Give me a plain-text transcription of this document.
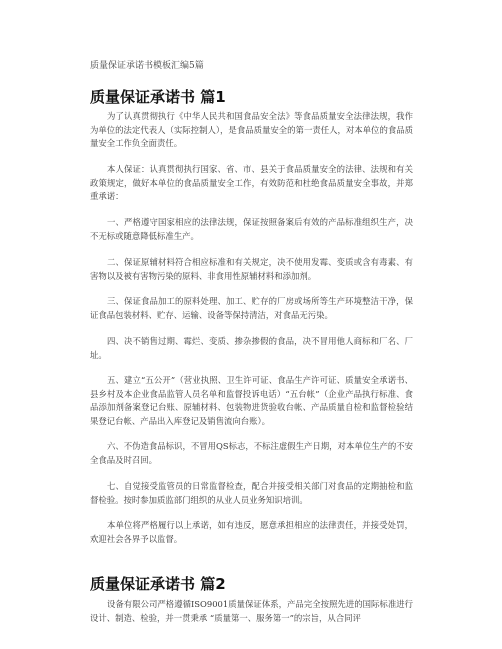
质量保证承诺书模板汇编5篇
质量保证承诺书 篇1
为了认真贯彻执行《中华人民共和国食品安全法》等食品质量安全法律法规，我作为单位的法定代表人（实际控制人），是食品质量安全的第一责任人，对本单位的食品质量安全工作负全面责任。
本人保证：认真贯彻执行国家、省、市、县关于食品质量安全的法律、法规和有关政策规定，做好本单位的食品质量安全工作，有效防范和杜绝食品质量安全事故，并郑重承诺：
一、严格遵守国家相应的法律法规，保证按照备案后有效的产品标准组织生产，决不无标或随意降低标准生产。
二、保证原辅材料符合相应标准和有关规定，决不使用发霉、变质或含有毒素、有害物以及被有害物污染的原料、非食用性原辅材料和添加剂。
三、保证食品加工的原料处理、加工、贮存的厂房或场所等生产环境整洁干净，保证食品包装材料、贮存、运输、设备等保持清洁，对食品无污染。
四、决不销售过期、霉烂、变质、掺杂掺假的食品，决不冒用他人商标和厂名、厂址。
五、建立“五公开”（营业执照、卫生许可证、食品生产许可证、质量安全承诺书、县乡村及本企业食品监管人员名单和监督投诉电话）“五台帐”（企业产品执行标准、食品添加剂备案登记台账、原辅材料、包装物进货验收台帐、产品质量自检和监督检验结果登记台帐、产品出入库登记及销售流向台账）。
六、不伪造食品标识，不冒用QS标志，不标注虚假生产日期，对本单位生产的不安全食品及时召回。
七、自觉接受监管员的日常监督检查，配合并接受相关部门对食品的定期抽检和监督检验。按时参加质监部门组织的从业人员业务知识培训。
本单位将严格履行以上承诺，如有违反，愿意承担相应的法律责任，并接受处罚，欢迎社会各界予以监督。
质量保证承诺书 篇2
设备有限公司严格遵循ISO9001质量保证体系，产品完全按照先进的国际标准进行设计、制造、检验，并一贯秉承 “质量第一、服务第一”的宗旨，从合同评
